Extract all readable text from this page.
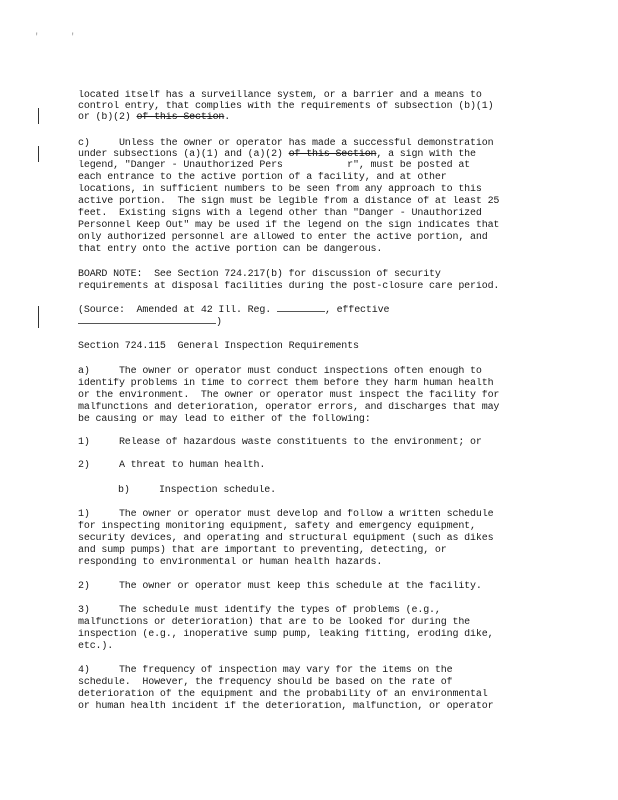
'	'
located itself has a surveillance system, or a barrier and a means to
control entry, that complies with the requirements of subsection (b)(1)
or (b)(2) of this Section.
c)     Unless the owner or operator has made a successful demonstration
under subsections (a)(1) and (a)(2) of this Section, a sign with the
legend, "Danger - Unauthorized Pers           r", must be posted at
each entrance to the active portion of a facility, and at other
locations, in sufficient numbers to be seen from any approach to this
active portion.  The sign must be legible from a distance of at least 25
feet.  Existing signs with a legend other than "Danger - Unauthorized
Personnel Keep Out" may be used if the legend on the sign indicates that
only authorized personnel are allowed to enter the active portion, and
that entry onto the active portion can be dangerous.
BOARD NOTE:  See Section 724.217(b) for discussion of security
requirements at disposal facilities during the post-closure care period.
(Source:  Amended at 42 Ill. Reg.	, effective
)
Section 724.115  General Inspection Requirements
a)     The owner or operator must conduct inspections often enough to
identify problems in time to correct them before they harm human health
or the environment.  The owner or operator must inspect the facility for
malfunctions and deterioration, operator errors, and discharges that may
be causing or may lead to either of the following:
1)     Release of hazardous waste constituents to the environment; or
2)     A threat to human health.
b)     Inspection schedule.
1)     The owner or operator must develop and follow a written schedule
for inspecting monitoring equipment, safety and emergency equipment,
security devices, and operating and structural equipment (such as dikes
and sump pumps) that are important to preventing, detecting, or
responding to environmental or human health hazards.
2)     The owner or operator must keep this schedule at the facility.
3)     The schedule must identify the types of problems (e.g.,
malfunctions or deterioration) that are to be looked for during the
inspection (e.g., inoperative sump pump, leaking fitting, eroding dike,
etc.).
4)     The frequency of inspection may vary for the items on the
schedule.  However, the frequency should be based on the rate of
deterioration of the equipment and the probability of an environmental
or human health incident if the deterioration, malfunction, or operator
